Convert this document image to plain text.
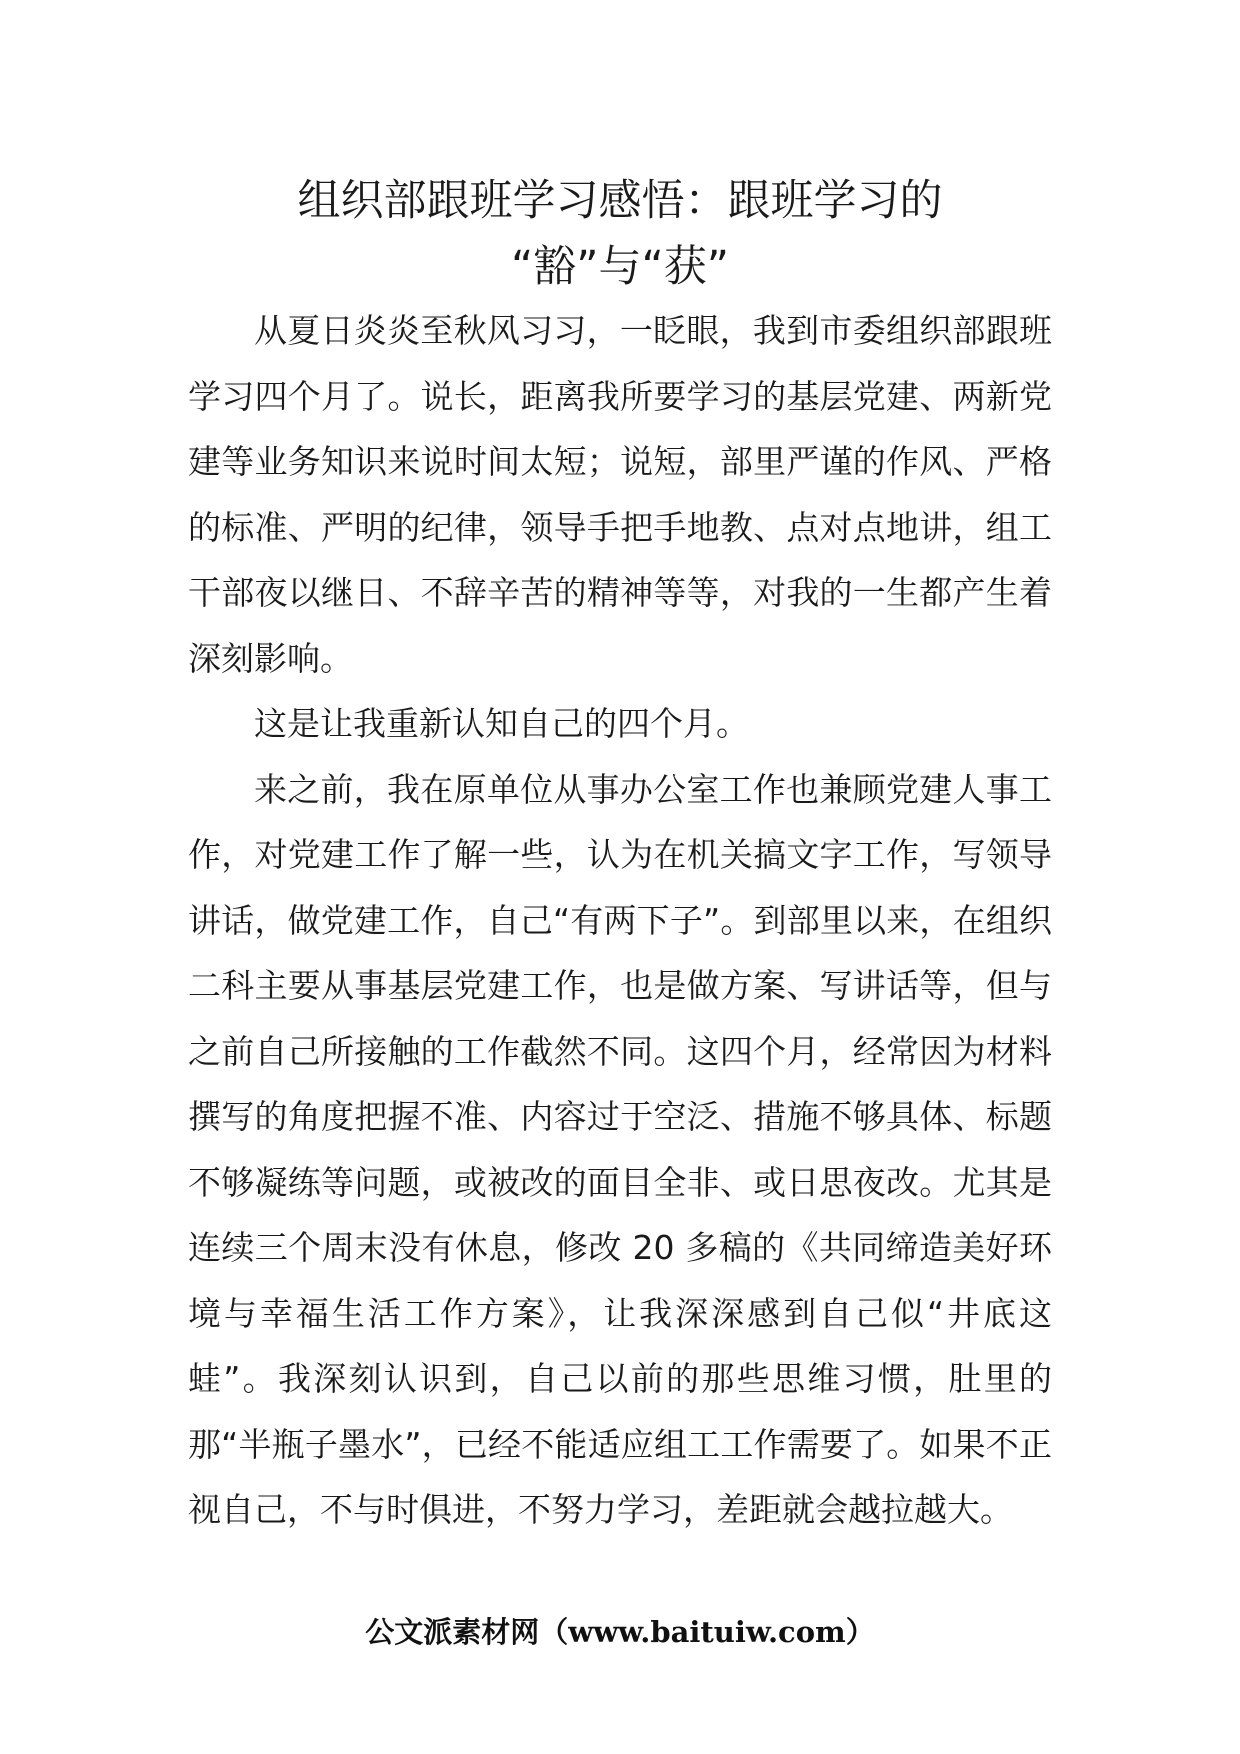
组织部跟班学习感悟：跟班学习的
“豁”与“获”

从夏日炎炎至秋风习习，一眨眼，我到市委组织部跟班学习四个月了。说长，距离我所要学习的基层党建、两新党建等业务知识来说时间太短；说短，部里严谨的作风、严格的标准、严明的纪律，领导手把手地教、点对点地讲，组工干部夜以继日、不辞辛苦的精神等等，对我的一生都产生着深刻影响。

这是让我重新认知自己的四个月。

来之前，我在原单位从事办公室工作也兼顾党建人事工作，对党建工作了解一些，认为在机关搞文字工作，写领导讲话，做党建工作，自己“有两下子”。到部里以来，在组织二科主要从事基层党建工作，也是做方案、写讲话等，但与之前自己所接触的工作截然不同。这四个月，经常因为材料撰写的角度把握不准、内容过于空泛、措施不够具体、标题不够凝练等问题，或被改的面目全非、或日思夜改。尤其是连续三个周末没有休息，修改 20 多稿的《共同缔造美好环境与幸福生活工作方案》，让我深深感到自己似“井底这蛙”。我深刻认识到，自己以前的那些思维习惯，肚里的那“半瓶子墨水”，已经不能适应组工工作需要了。如果不正视自己，不与时俱进，不努力学习，差距就会越拉越大。

公文派素材网（www.baituiw.com）
